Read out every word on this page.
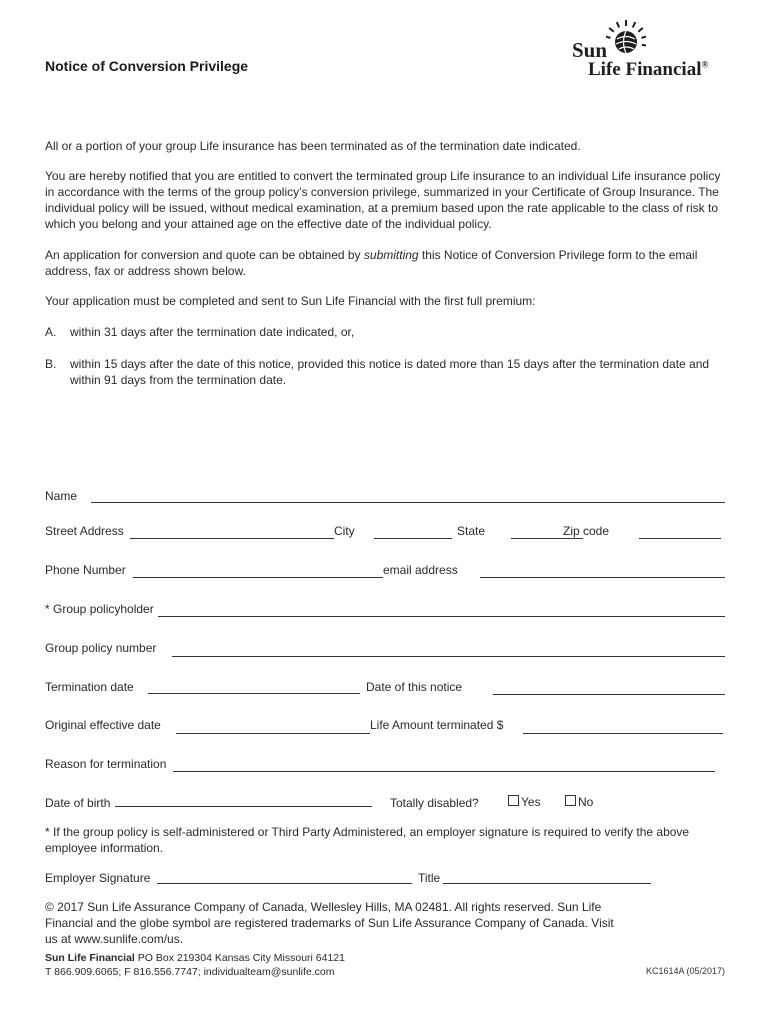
Notice of Conversion Privilege
Sun
Life Financial®
All or a portion of your group Life insurance has been terminated as of the termination date indicated.
You are hereby notified that you are entitled to convert the terminated group Life insurance to an individual Life insurance policy in accordance with the terms of the group policy’s conversion privilege, summarized in your Certificate of Group Insurance. The individual policy will be issued, without medical examination, at a premium based upon the rate applicable to the class of risk to which you belong and your attained age on the effective date of the individual policy.
An application for conversion and quote can be obtained by submitting this Notice of Conversion Privilege form to the email address, fax or address shown below.
Your application must be completed and sent to Sun Life Financial with the first full premium:
A. within 31 days after the termination date indicated, or,
B. within 15 days after the date of this notice, provided this notice is dated more than 15 days after the termination date and within 91 days from the termination date.
Name
Street Address	City	State	Zip code
Phone Number	email address
* Group policyholder
Group policy number
Termination date	Date of this notice
Original effective date	Life Amount terminated $
Reason for termination
Date of birth	Totally disabled?	Yes	No
* If the group policy is self-administered or Third Party Administered, an employer signature is required to verify the above employee information.
Employer Signature	Title
© 2017 Sun Life Assurance Company of Canada, Wellesley Hills, MA 02481. All rights reserved. Sun Life Financial and the globe symbol are registered trademarks of Sun Life Assurance Company of Canada. Visit us at www.sunlife.com/us.
Sun Life Financial PO Box 219304 Kansas City Missouri 64121
T 866.909.6065; F 816.556.7747; individualteam@sunlife.com	KC1614A (05/2017)
